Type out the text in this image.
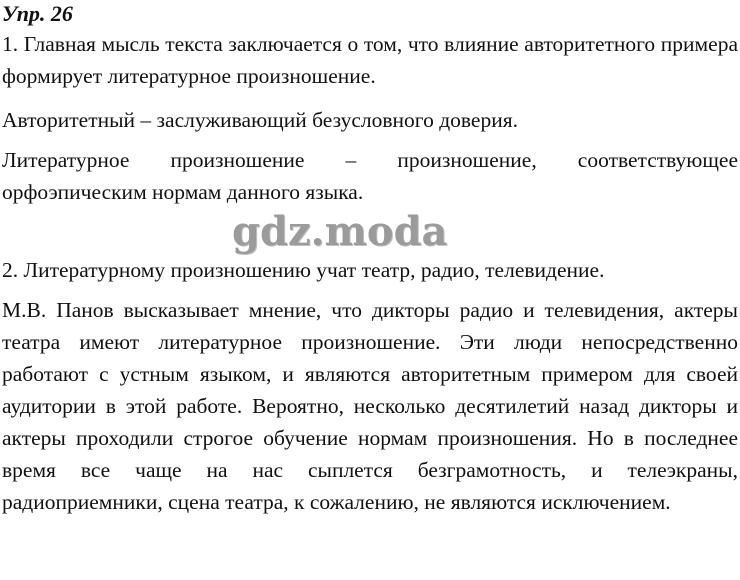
Упр. 26

1. Главная мысль текста заключается о том, что влияние авторитетного примера формирует литературное произношение.

Авторитетный – заслуживающий безусловного доверия.

Литературное произношение – произношение, соответствующее орфоэпическим нормам данного языка.

gdz.moda

2. Литературному произношению учат театр, радио, телевидение.

М.В. Панов высказывает мнение, что дикторы радио и телевидения, актеры театра имеют литературное произношение. Эти люди непосредственно работают с устным языком, и являются авторитетным примером для своей аудитории в этой работе. Вероятно, несколько десятилетий назад дикторы и актеры проходили строгое обучение нормам произношения. Но в последнее время все чаще на нас сыплется безграмотность, и телеэкраны, радиоприемники, сцена театра, к сожалению, не являются исключением.
